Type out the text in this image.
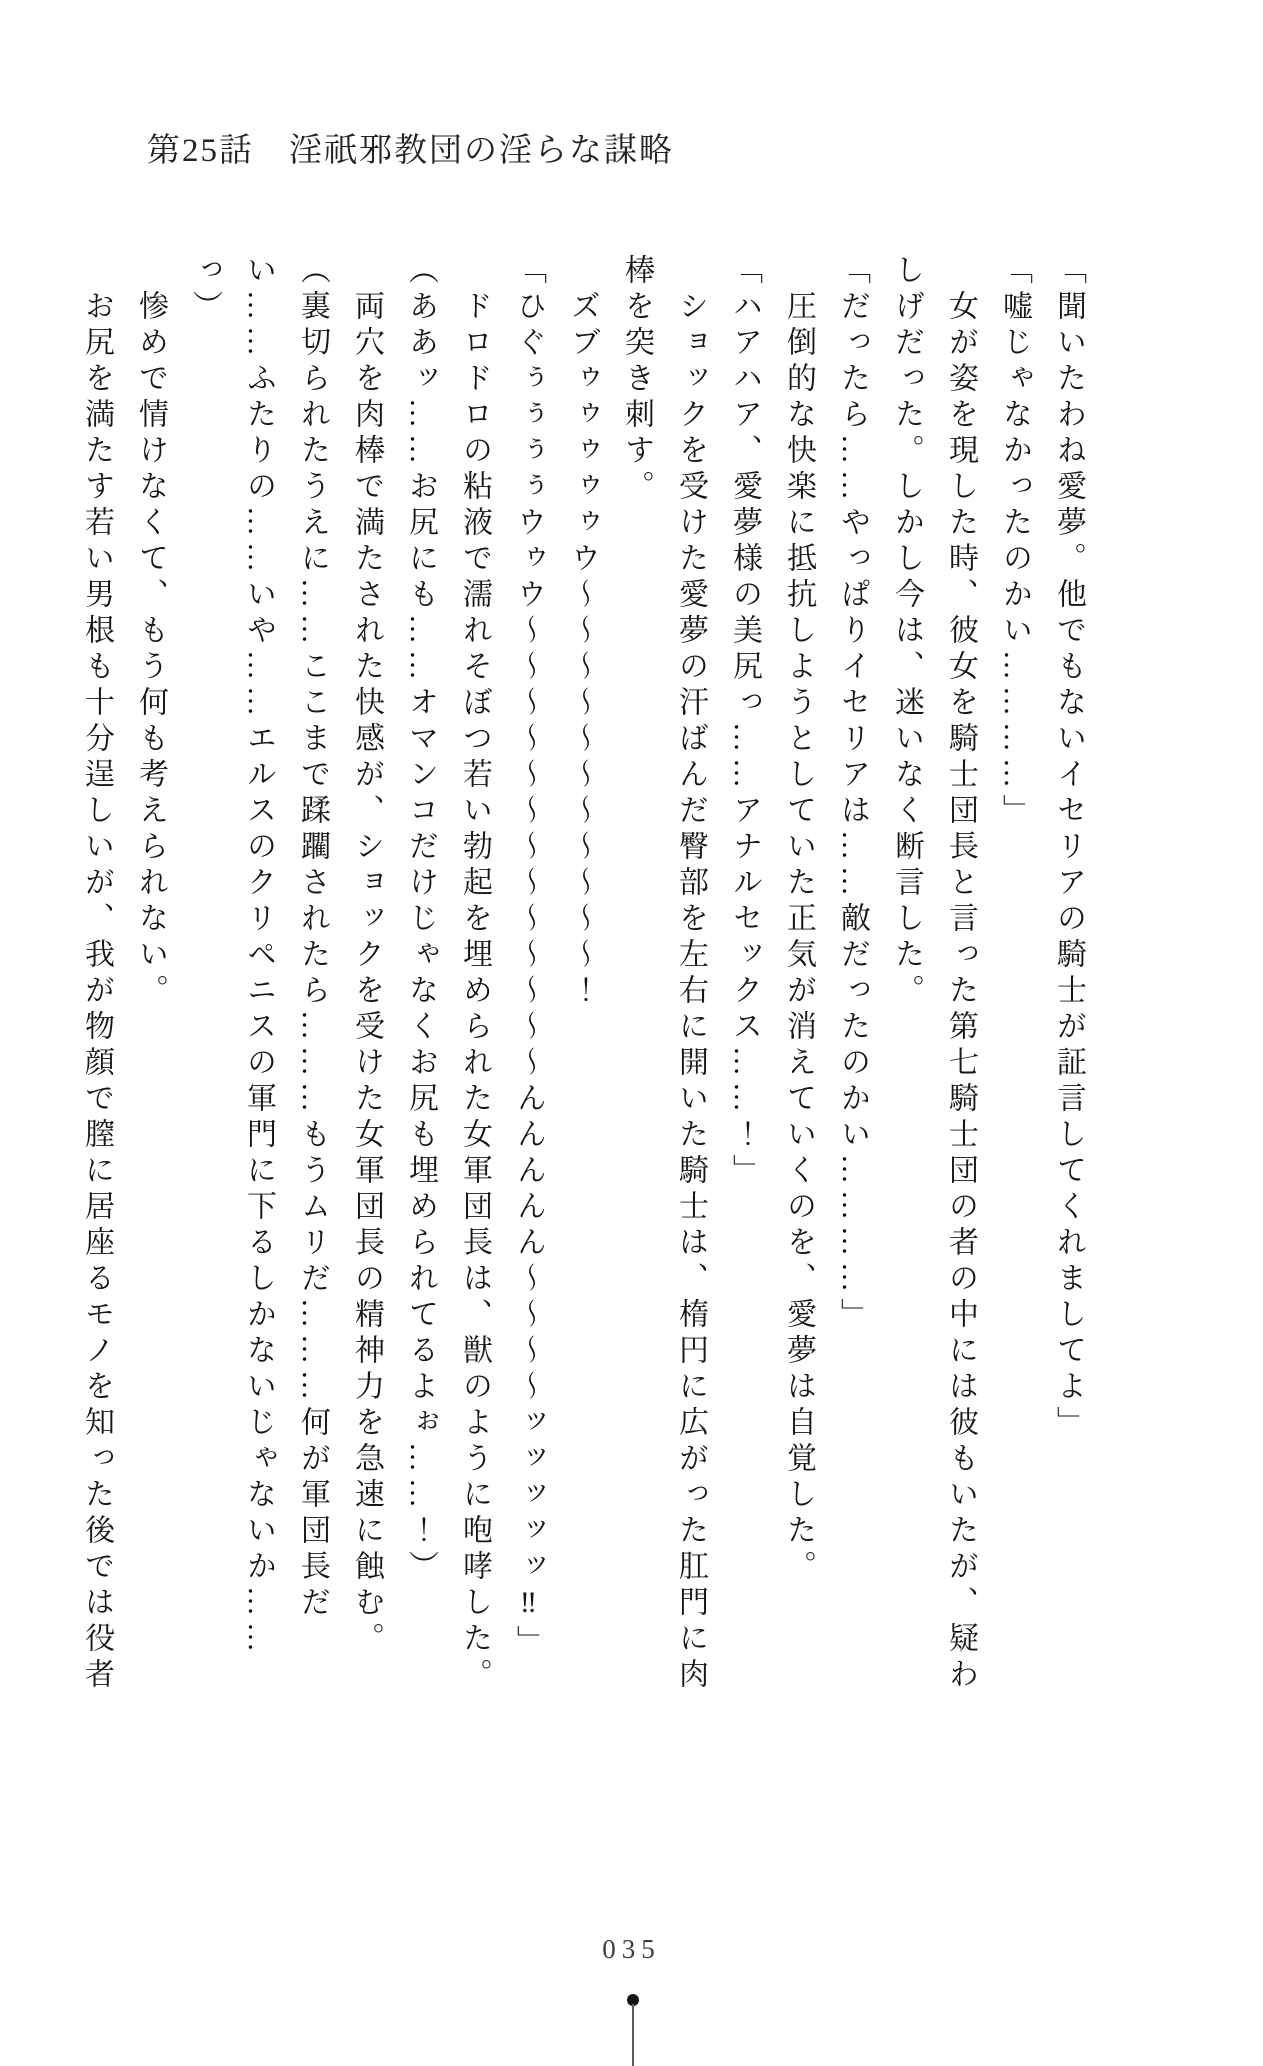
第25話　淫祇邪教団の淫らな謀略

「聞いたわね愛夢。他でもないイセリアの騎士が証言してくれましてよ」

「嘘じゃなかったのかい…………」

女が姿を現した時、彼女を騎士団長と言った第七騎士団の者の中には彼もいたが、疑わしげだった。しかし今は、迷いなく断言した。

「だったら……やっぱりイセリアは……敵だったのかい…………」

圧倒的な快楽に抵抗しようとしていた正気が消えていくのを、愛夢は自覚した。

「ハアハア、愛夢様の美尻っ……アナルセックス……！」

ショックを受けた愛夢の汗ばんだ臀部を左右に開いた騎士は、楕円に広がった肛門に肉棒を突き刺す。

ズブゥゥゥゥゥウ〜〜〜〜〜〜〜〜〜〜〜！

「ひぐぅぅぅぅウゥウ〜〜〜〜〜〜〜〜〜〜〜〜〜んんんんん〜〜〜〜ッッッッッ‼」

ドロドロの粘液で濡れそぼつ若い勃起を埋められた女軍団長は、獣のように咆哮した。

（ああッ……お尻にも……オマンコだけじゃなくお尻も埋められてるよぉ……！）

両穴を肉棒で満たされた快感が、ショックを受けた女軍団長の精神力を急速に蝕む。

（裏切られたうえに……ここまで蹂躙されたら………もうムリだ………何が軍団長だい……ふたりの……いや……エルスのクリペニスの軍門に下るしかないじゃないか……っ）

惨めで情けなくて、もう何も考えられない。

お尻を満たす若い男根も十分逞しいが、我が物顔で膣に居座るモノを知った後では役者

035
